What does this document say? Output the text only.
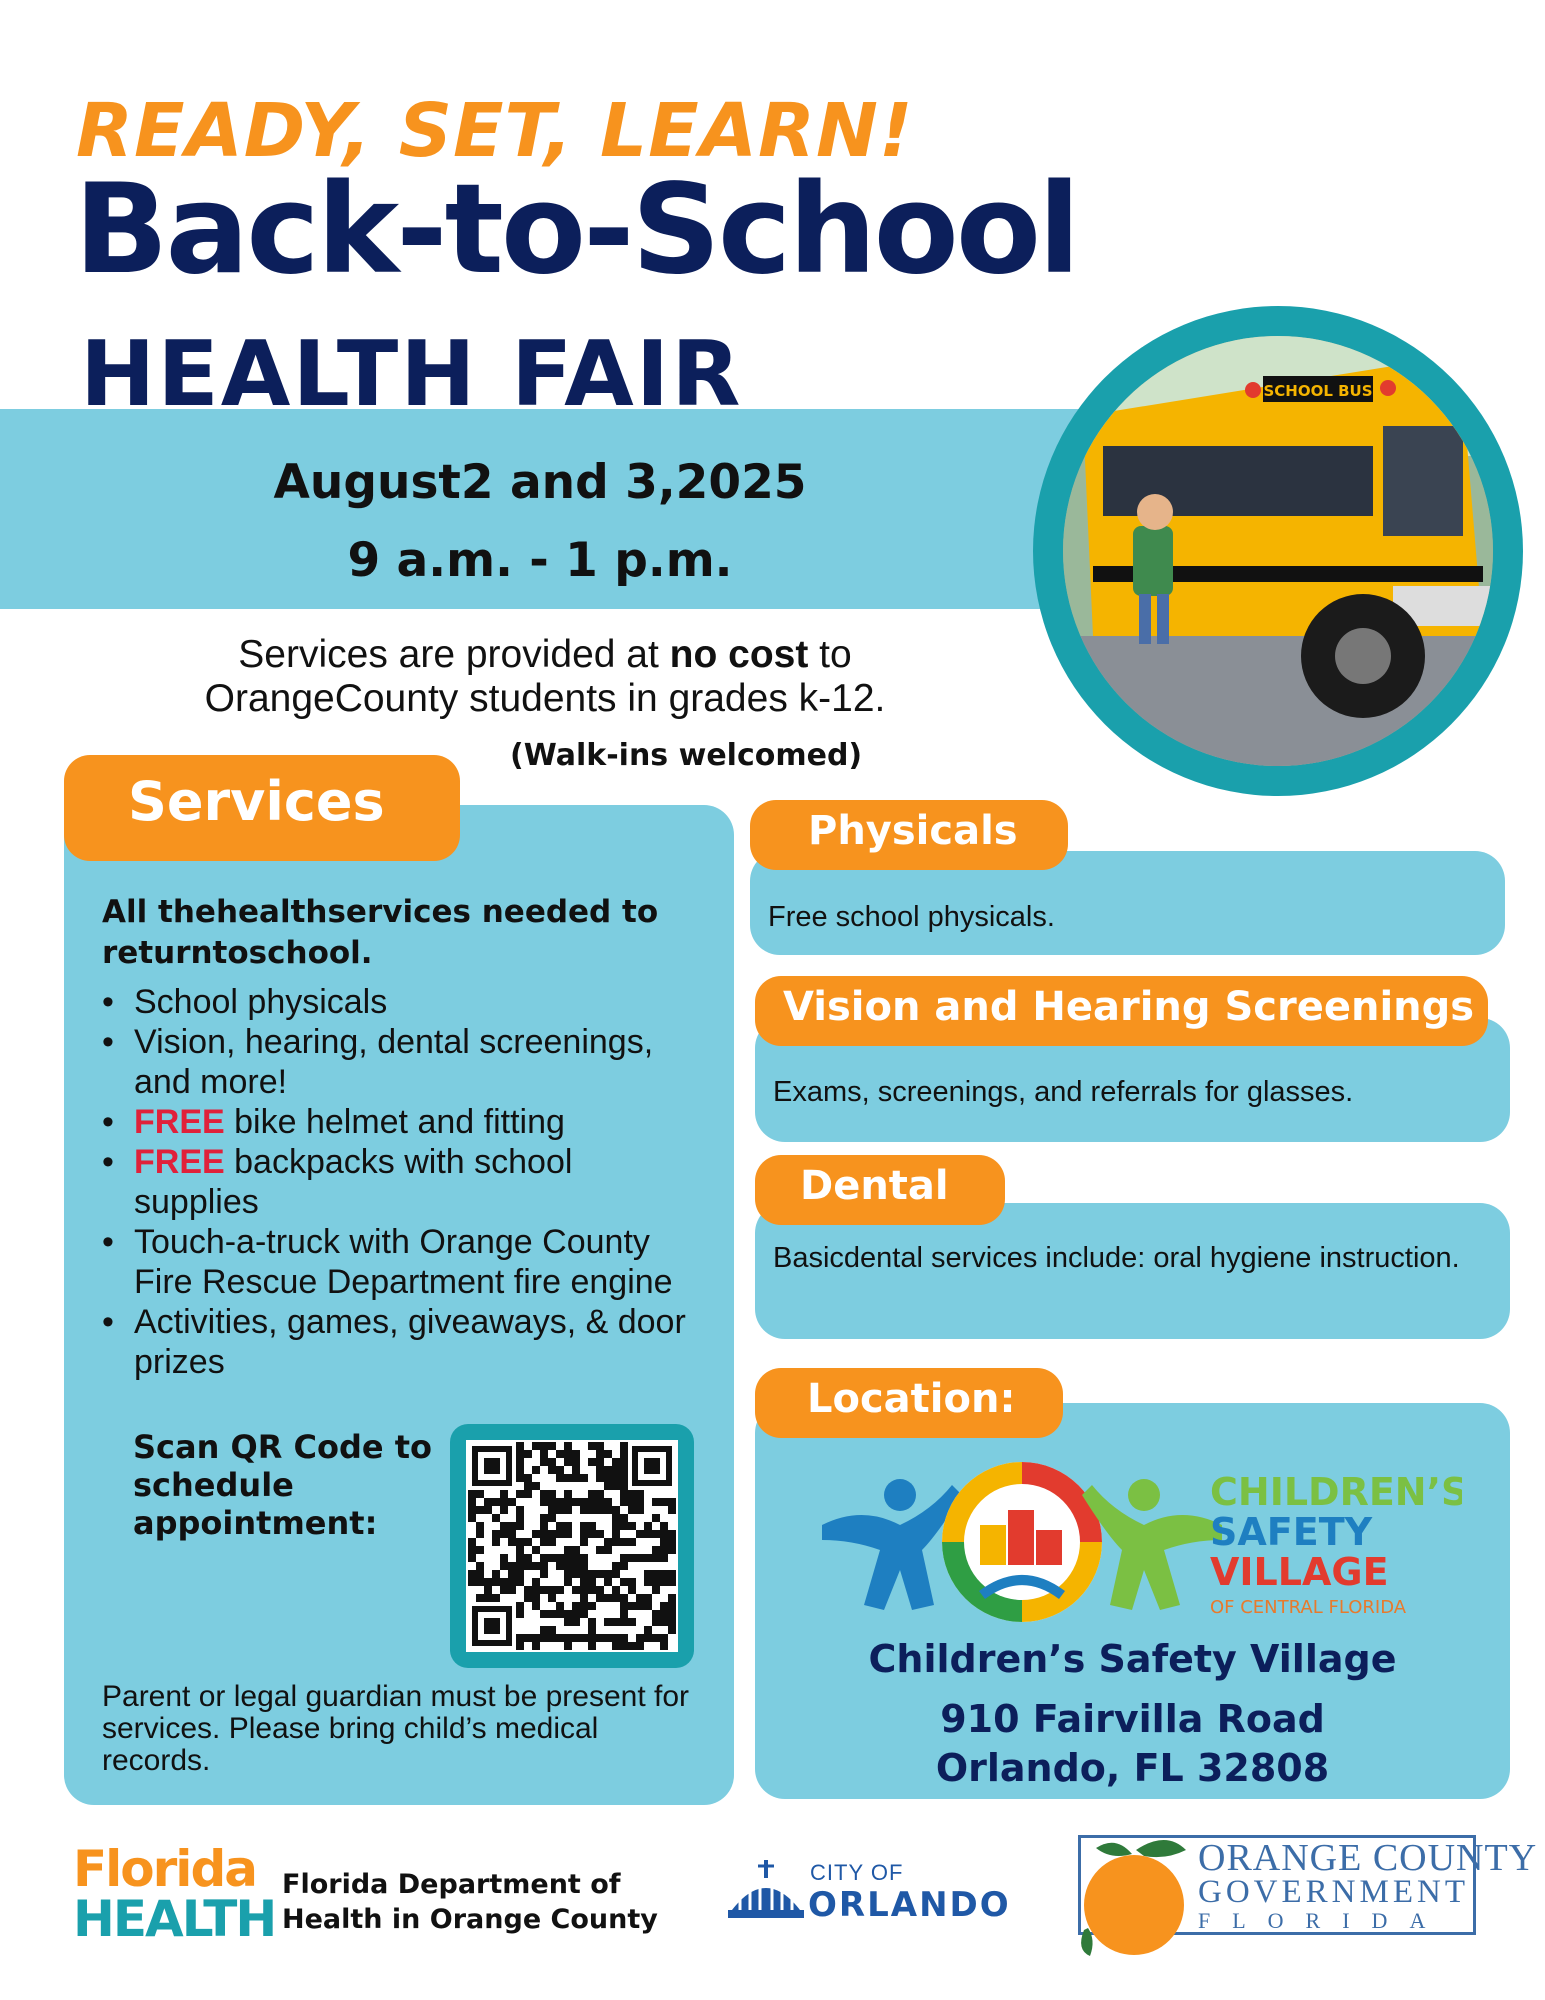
READY, SET, LEARN!
Back-to-School
HEALTH FAIR
August2 and 3,2025
9 a.m. - 1 p.m.
SCHOOL BUS
Services are provided at no cost to OrangeCounty students in grades k-12.
(Walk-ins welcomed)
Services
All thehealthservices needed to returntoschool.
• School physicals
• Vision, hearing, dental screenings, and more!
• FREE bike helmet and fitting
• FREE backpacks with school supplies
• Touch-a-truck with Orange County Fire Rescue Department fire engine
• Activities, games, giveaways, & door prizes
Scan QR Code to schedule appointment:
Parent or legal guardian must be present for services. Please bring child’s medical records.
Physicals
Free school physicals.
Vision and Hearing Screenings
Exams, screenings, and referrals for glasses.
Dental
Basicdental services include: oral hygiene instruction.
Location:
CHILDREN’S
SAFETY
VILLAGE
OF CENTRAL FLORIDA
Children’s Safety Village
910 Fairvilla Road
Orlando, FL 32808
Florida
HEALTH
Florida Department of Health in Orange County
CITY OF
ORLANDO
ORANGE COUNTY
GOVERNMENT
FLORIDA
